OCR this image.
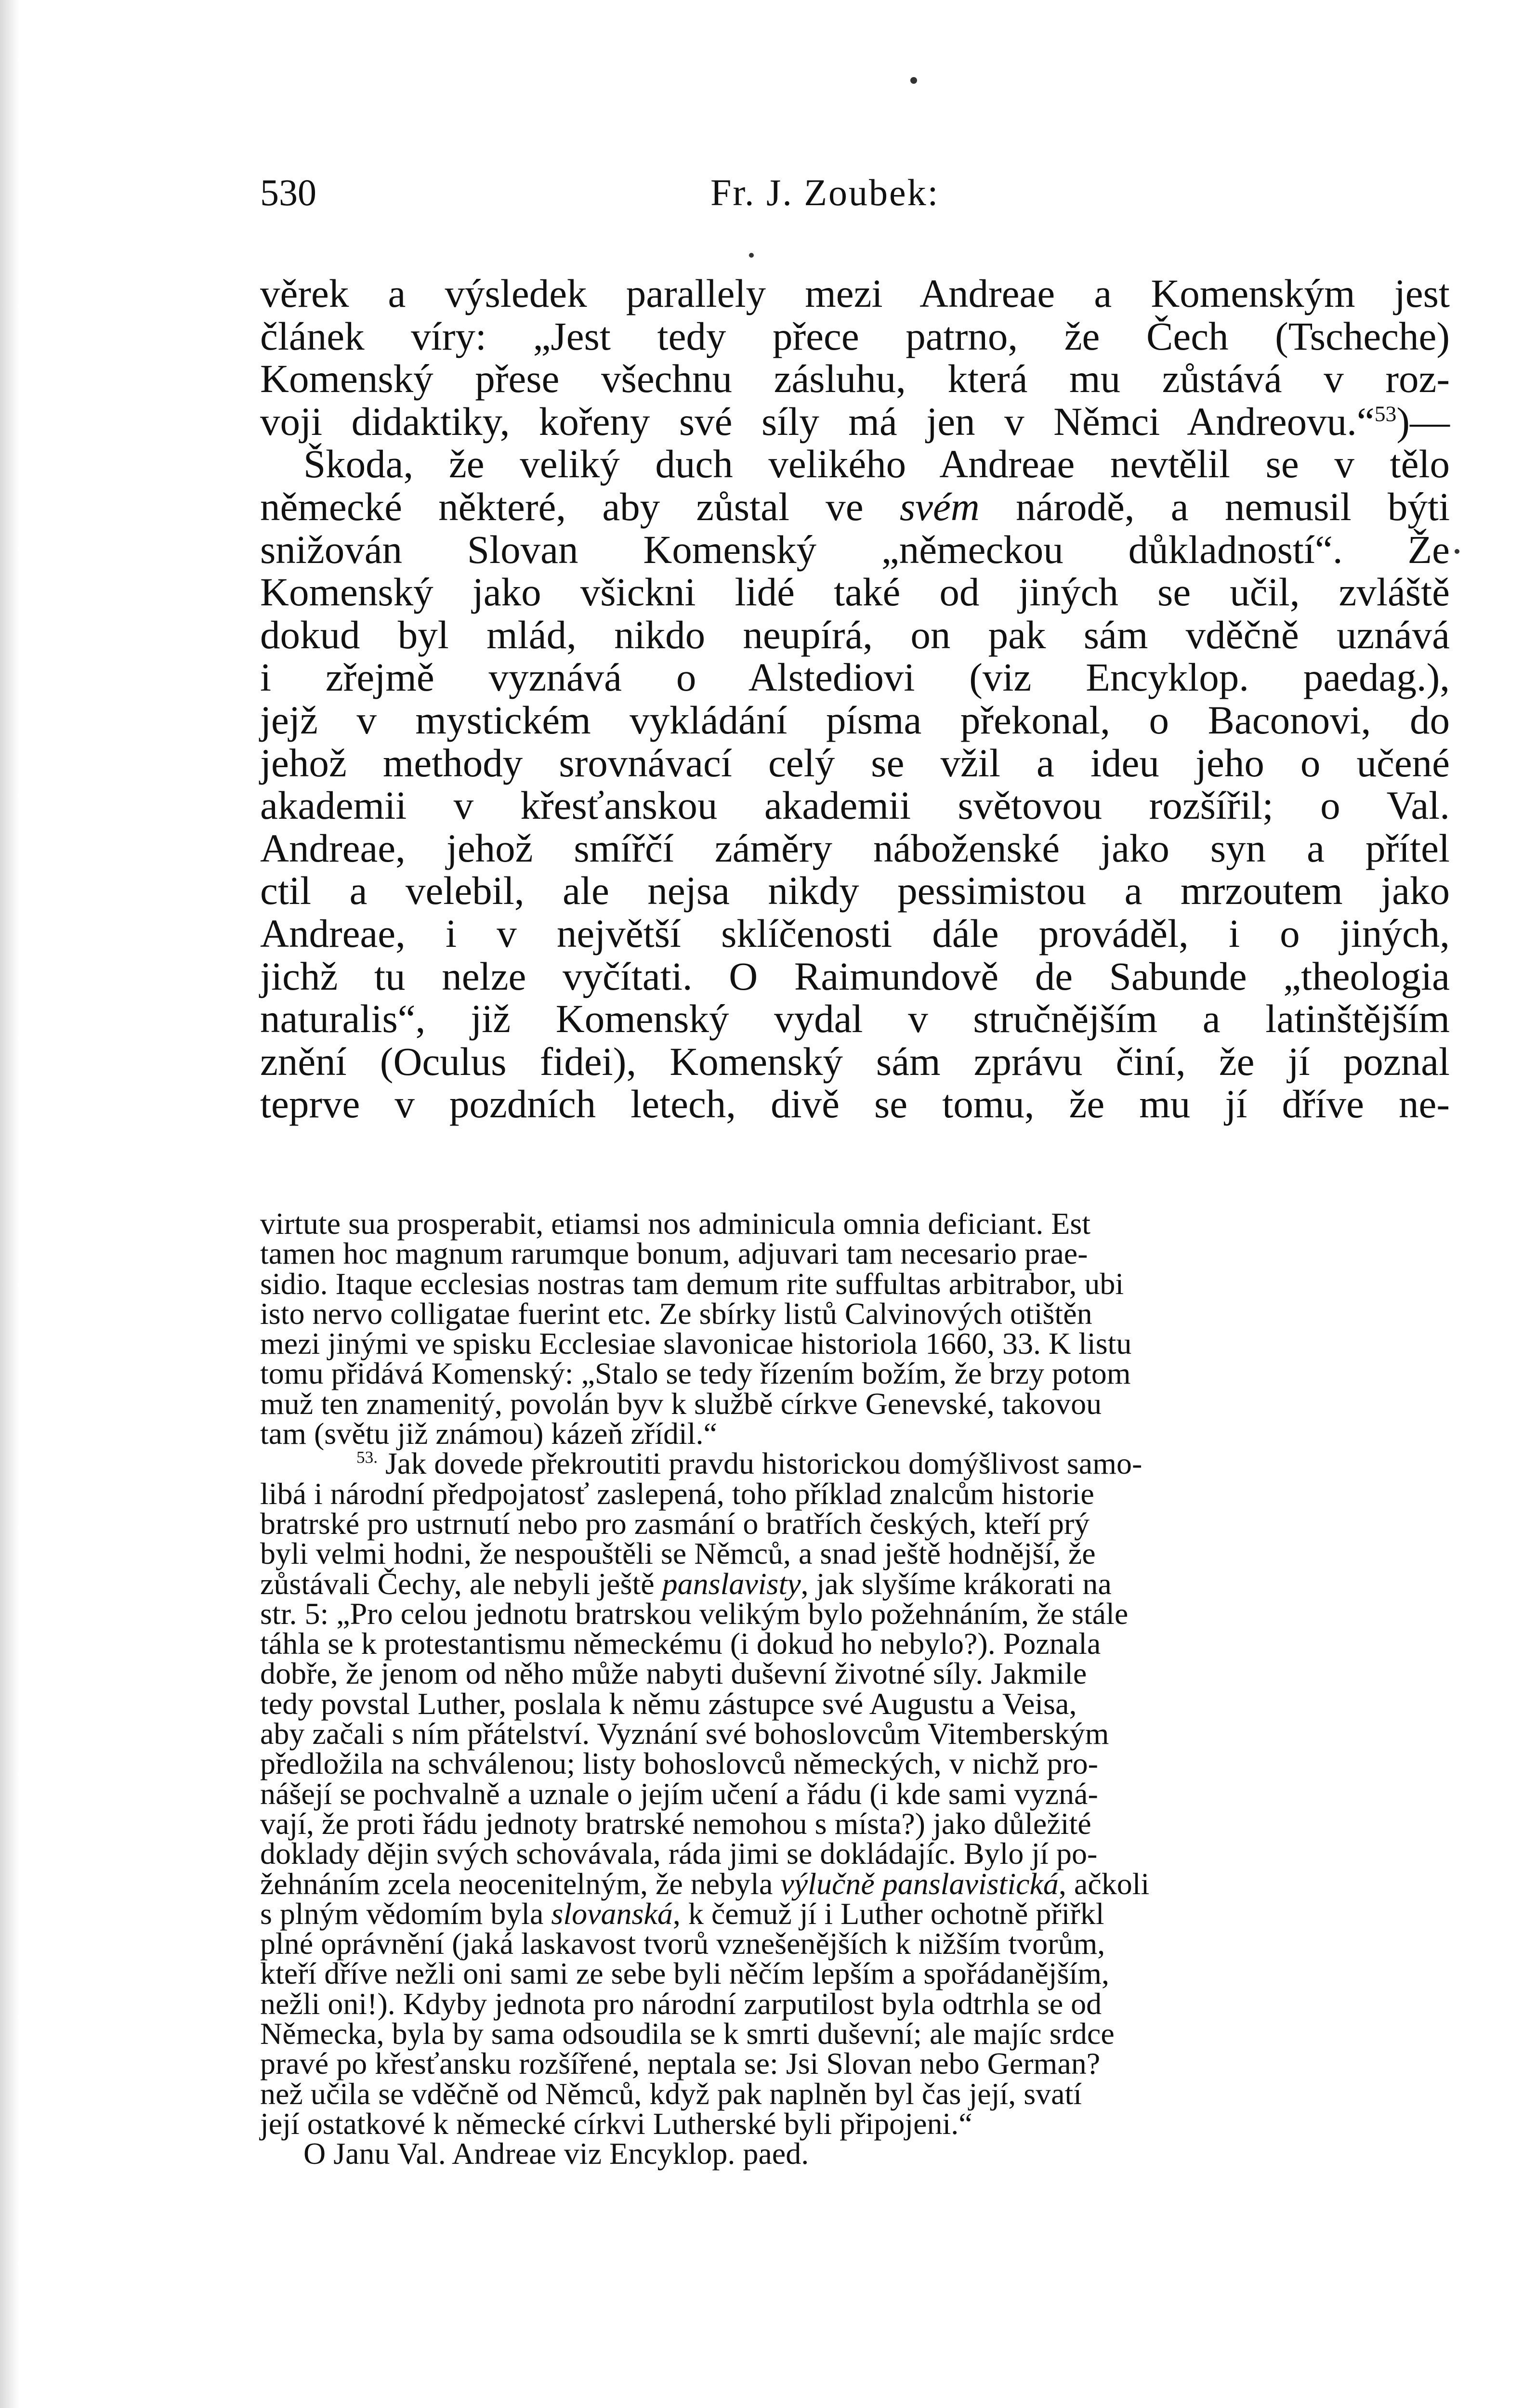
530	Fr. J. Zoubek:
věrek a výsledek parallely mezi Andreae a Komenským jest
článek víry: „Jest tedy přece patrno, že Čech (Tscheche)
Komenský přese všechnu zásluhu, která mu zůstává v roz-
voji didaktiky, kořeny své síly má jen v Němci Andreovu.“$^{53}$)—
Škoda, že veliký duch velikého Andreae nevtělil se v tělo
německé některé, aby zůstal ve svém národě, a nemusil býti
snižován Slovan Komenský „německou důkladností“. Že
Komenský jako všickni lidé také od jiných se učil, zvláště
dokud byl mlád, nikdo neupírá, on pak sám vděčně uznává
i zřejmě vyznává o Alstediovi (viz Encyklop. paedag.),
jejž v mystickém vykládání písma překonal, o Baconovi, do
jehož methody srovnávací celý se vžil a ideu jeho o učené
akademii v křesťanskou akademii světovou rozšířil; o Val.
Andreae, jehož smířčí záměry náboženské jako syn a přítel
ctil a velebil, ale nejsa nikdy pessimistou a mrzoutem jako
Andreae, i v největší sklíčenosti dále prováděl, i o jiných,
jichž tu nelze vyčítati. O Raimundově de Sabunde „theologia
naturalis“, již Komenský vydal v stručnějším a latinštějším
znění (Oculus fidei), Komenský sám zprávu činí, že jí poznal
teprve v pozdních letech, divě se tomu, že mu jí dříve ne-
virtute sua prosperabit, etiamsi nos adminicula omnia deficiant. Est
tamen hoc magnum rarumque bonum, adjuvari tam necesario prae-
sidio. Itaque ecclesias nostras tam demum rite suffultas arbitrabor, ubi
isto nervo colligatae fuerint etc. Ze sbírky listů Calvinových otištěn
mezi jinými ve spisku Ecclesiae slavonicae historiola 1660, 33. K listu
tomu přidává Komenský: „Stalo se tedy řízením božím, že brzy potom
muž ten znamenitý, povolán byv k službě církve Genevské, takovou
tam (světu již známou) kázeň zřídil.“
$^{53.}$ Jak dovede překroutiti pravdu historickou domýšlivost samo-
libá i národní předpojatosť zaslepená, toho příklad znalcům historie
bratrské pro ustrnutí nebo pro zasmání o bratřích českých, kteří prý
byli velmi hodni, že nespouštěli se Němců, a snad ještě hodnější, že
zůstávali Čechy, ale nebyli ještě panslavisty, jak slyšíme krákorati na
str. 5: „Pro celou jednotu bratrskou velikým bylo požehnáním, že stále
táhla se k protestantismu německému (i dokud ho nebylo?). Poznala
dobře, že jenom od něho může nabyti duševní životné síly. Jakmile
tedy povstal Luther, poslala k němu zástupce své Augustu a Veisa,
aby začali s ním přátelství. Vyznání své bohoslovcům Vitemberským
předložila na schválenou; listy bohoslovců německých, v nichž pro-
nášejí se pochvalně a uznale o jejím učení a řádu (i kde sami vyzná-
vají, že proti řádu jednoty bratrské nemohou s místa?) jako důležité
doklady dějin svých schovávala, ráda jimi se dokládajíc. Bylo jí po-
žehnáním zcela neocenitelným, že nebyla výlučně panslavistická, ačkoli
s plným vědomím byla slovanská, k čemuž jí i Luther ochotně přiřkl
plné oprávnění (jaká laskavost tvorů vznešenějších k nižším tvorům,
kteří dříve nežli oni sami ze sebe byli něčím lepším a spořádanějším,
nežli oni!). Kdyby jednota pro národní zarputilost byla odtrhla se od
Německa, byla by sama odsoudila se k smrti duševní; ale majíc srdce
pravé po křesťansku rozšířené, neptala se: Jsi Slovan nebo German?
než učila se vděčně od Němců, když pak naplněn byl čas její, svatí
její ostatkové k německé církvi Lutherské byli připojeni.“
O Janu Val. Andreae viz Encyklop. paed.
